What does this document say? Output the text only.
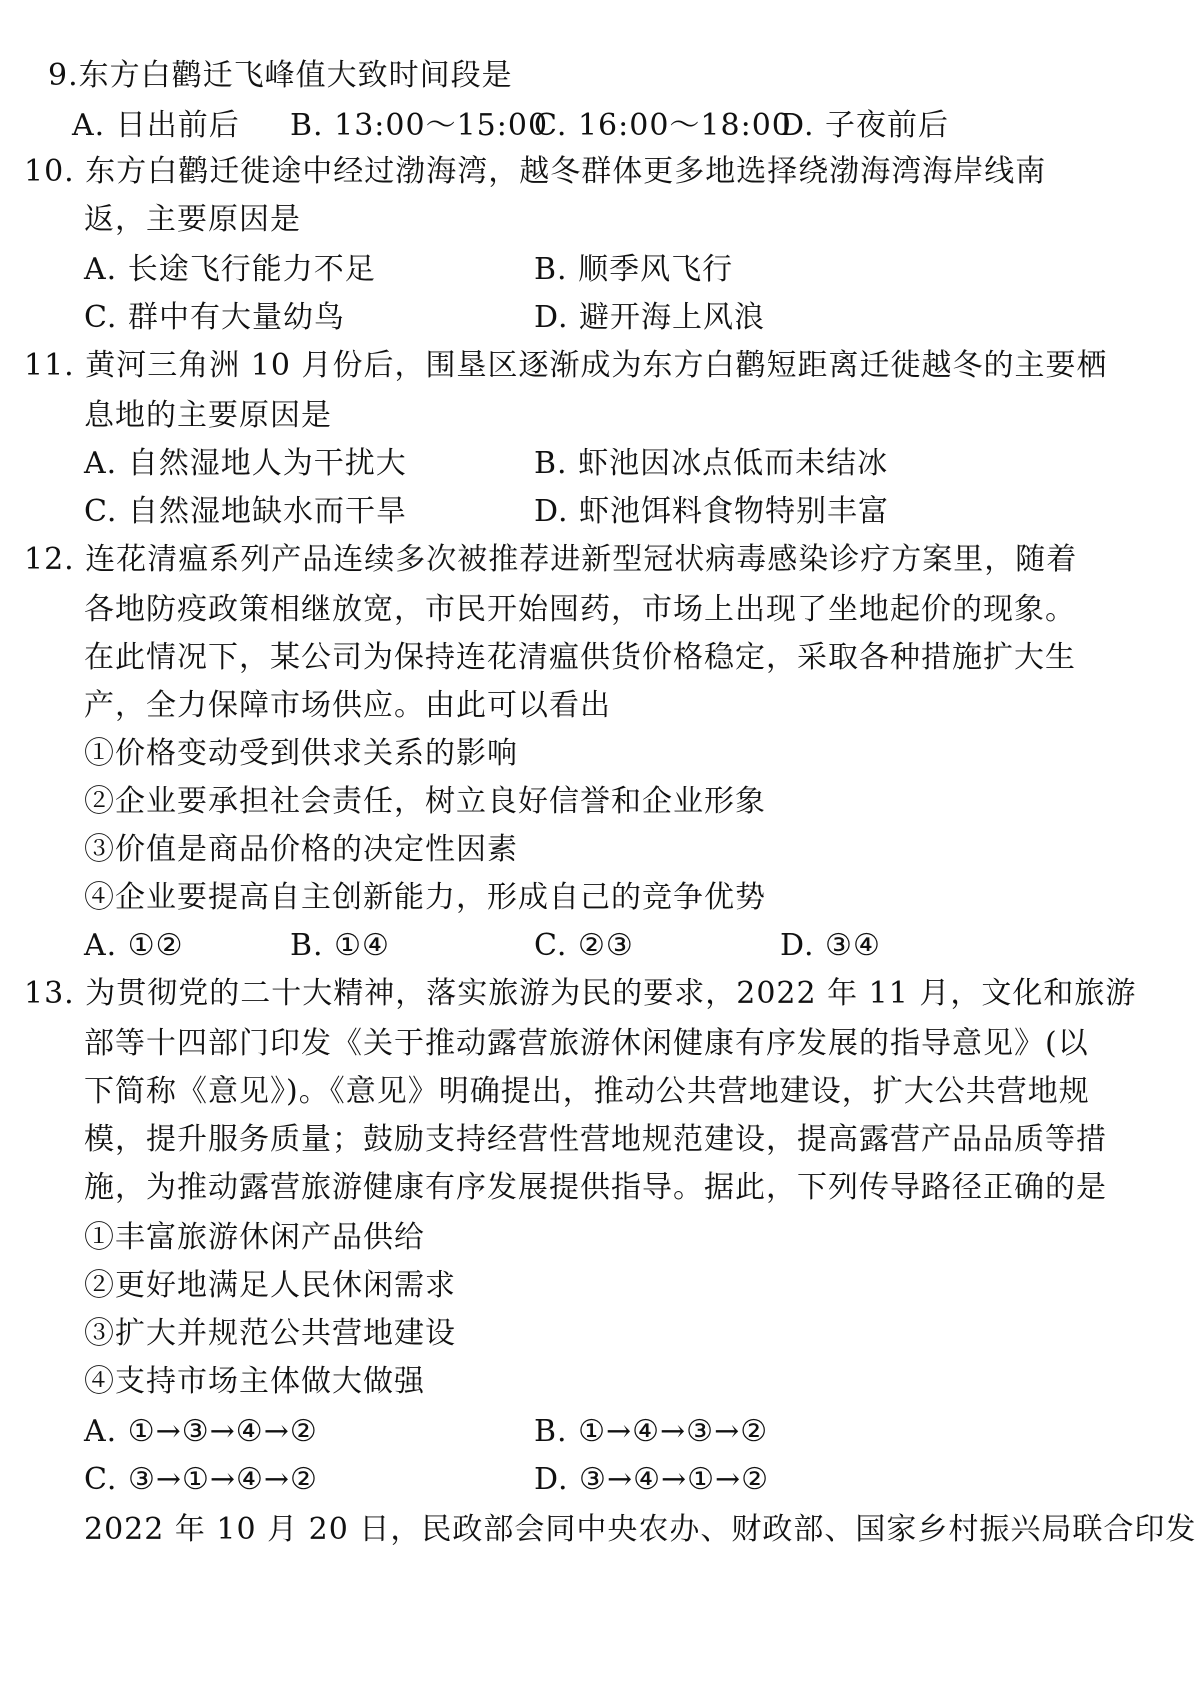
9.东方白鹳迁飞峰值大致时间段是
A. 日出前后 B. 13:00～15:00
C. 16:00～18:00
D. 子夜前后
10. 东方白鹳迁徙途中经过渤海湾，越冬群体更多地选择绕渤海湾海岸线南
返，主要原因是
A. 长途飞行能力不足	B. 顺季风飞行
C. 群中有大量幼鸟	D. 避开海上风浪
11. 黄河三角洲 10 月份后，围垦区逐渐成为东方白鹳短距离迁徙越冬的主要栖
息地的主要原因是
A. 自然湿地人为干扰大	B. 虾池因冰点低而未结冰
C. 自然湿地缺水而干旱	D. 虾池饵料食物特别丰富
12. 连花清瘟系列产品连续多次被推荐进新型冠状病毒感染诊疗方案里，随着
各地防疫政策相继放宽，市民开始囤药，市场上出现了坐地起价的现象。
在此情况下，某公司为保持连花清瘟供货价格稳定，采取各种措施扩大生
产，全力保障市场供应。由此可以看出
①价格变动受到供求关系的影响
②企业要承担社会责任，树立良好信誉和企业形象
③价值是商品价格的决定性因素
④企业要提高自主创新能力，形成自己的竞争优势
A. ①②	B. ①④	C. ②③	D. ③④
13. 为贯彻党的二十大精神，落实旅游为民的要求，2022 年 11 月，文化和旅游
部等十四部门印发《关于推动露营旅游休闲健康有序发展的指导意见》(以
下简称《意见》)。《意见》明确提出，推动公共营地建设，扩大公共营地规
模，提升服务质量；鼓励支持经营性营地规范建设，提高露营产品品质等措
施，为推动露营旅游健康有序发展提供指导。据此，下列传导路径正确的是
①丰富旅游休闲产品供给
②更好地满足人民休闲需求
③扩大并规范公共营地建设
④支持市场主体做大做强
A. ①→③→④→②	B. ①→④→③→②
C. ③→①→④→②	D. ③→④→①→②
2022 年 10 月 20 日，民政部会同中央农办、财政部、国家乡村振兴局联合印发
